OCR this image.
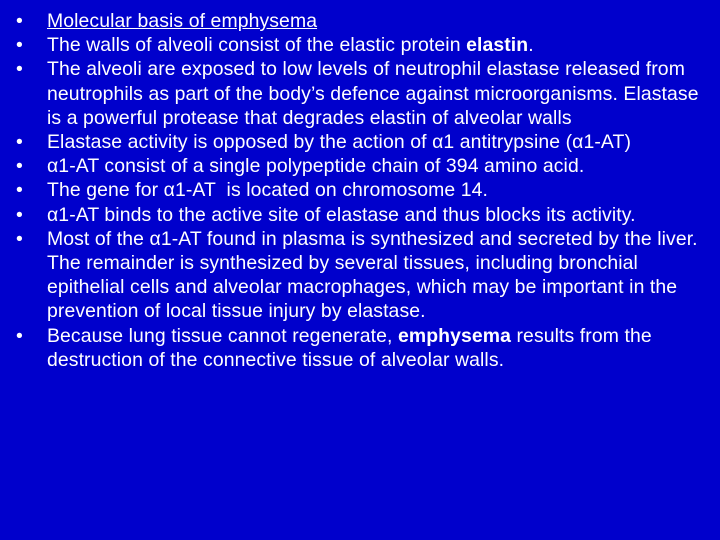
•	Molecular basis of emphysema
•	The walls of alveoli consist of the elastic protein elastin.
•	The alveoli are exposed to low levels of neutrophil elastase released from neutrophils as part of the body’s defence against microorganisms. Elastase is a powerful protease that degrades elastin of alveolar walls
•	Elastase activity is opposed by the action of α1 antitrypsine (α1-AT)
•	α1-AT consist of a single polypeptide chain of 394 amino acid.
•	The gene for α1-AT  is located on chromosome 14.
•	α1-AT binds to the active site of elastase and thus blocks its activity.
•	Most of the α1-AT found in plasma is synthesized and secreted by the liver. The remainder is synthesized by several tissues, including bronchial epithelial cells and alveolar macrophages, which may be important in the prevention of local tissue injury by elastase.
•	Because lung tissue cannot regenerate, emphysema results from the destruction of the connective tissue of alveolar walls.
